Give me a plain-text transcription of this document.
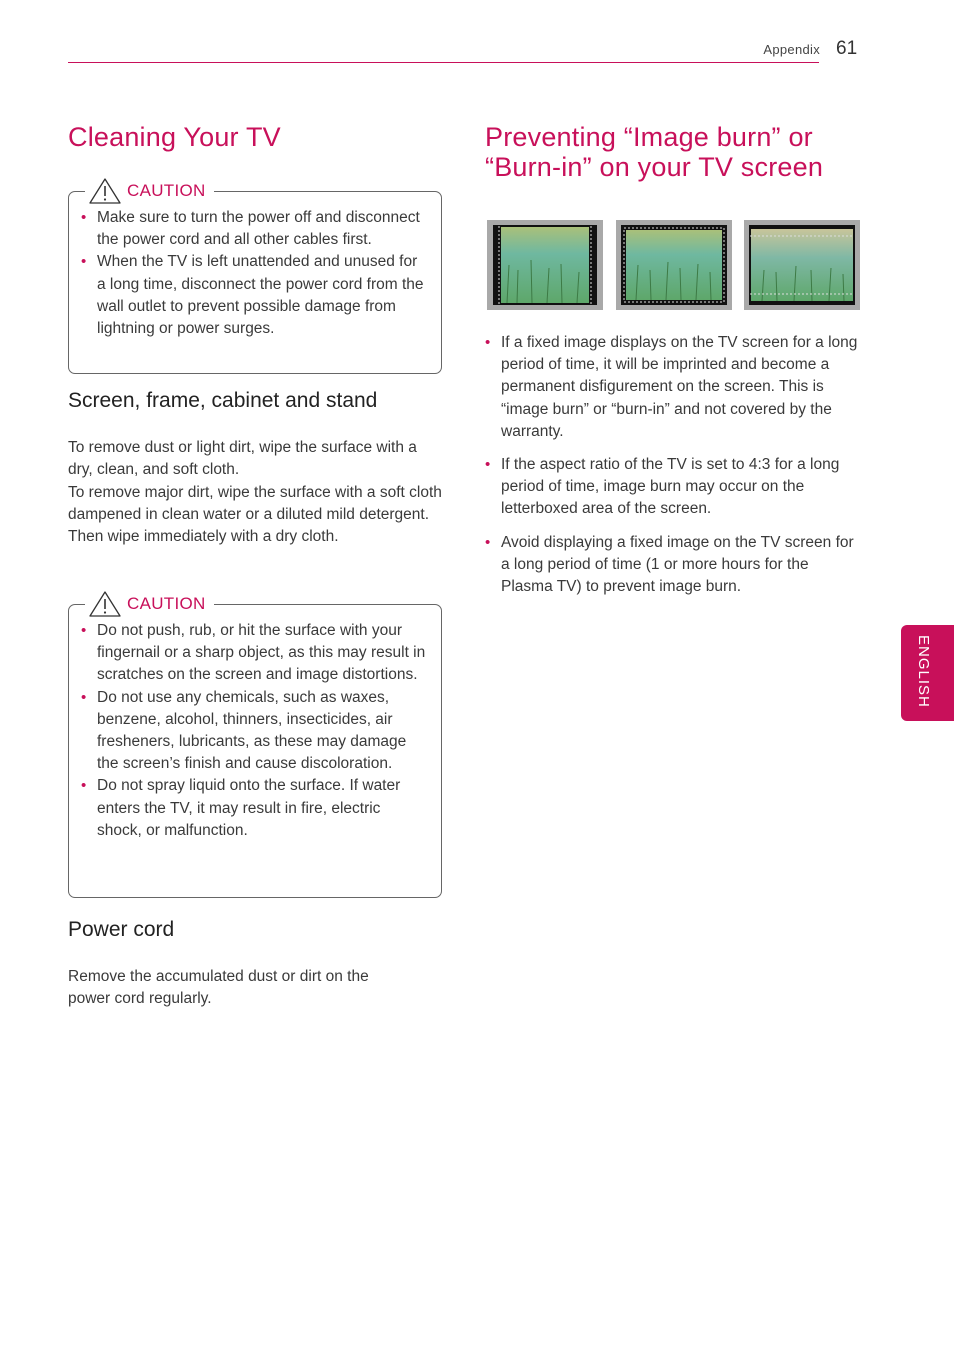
Appendix 61
Cleaning Your TV
CAUTION
• Make sure to turn the power off and disconnect the power cord and all other cables first.
• When the TV is left unattended and unused for a long time, disconnect the power cord from the wall outlet to prevent possible damage from lightning or power surges.
Screen, frame, cabinet and stand

To remove dust or light dirt, wipe the surface with a dry, clean, and soft cloth.

To remove major dirt, wipe the surface with a soft cloth dampened in clean water or a diluted mild detergent. Then wipe immediately with a dry cloth.

CAUTION
• Do not push, rub, or hit the surface with your fingernail or a sharp object, as this may result in scratches on the screen and image distortions.
• Do not use any chemicals, such as waxes, benzene, alcohol, thinners, insecticides, air fresheners, lubricants, as these may damage the screen’s finish and cause discoloration.
• Do not spray liquid onto the surface. If water enters the TV, it may result in fire, electric shock, or malfunction.
Power cord

Remove the accumulated dust or dirt on the power cord regularly.

Preventing “Image burn” or
“Burn-in” on your TV screen
• If a fixed image displays on the TV screen for a long period of time, it will be imprinted and become a permanent disfigurement on the screen. This is “image burn” or “burn-in” and not covered by the warranty.
• If the aspect ratio of the TV is set to 4:3 for a long period of time, image burn may occur on the letterboxed area of the screen.
• Avoid displaying a fixed image on the TV screen for a long period of time (1 or more hours for the Plasma TV) to prevent image burn.
ENGLISH
